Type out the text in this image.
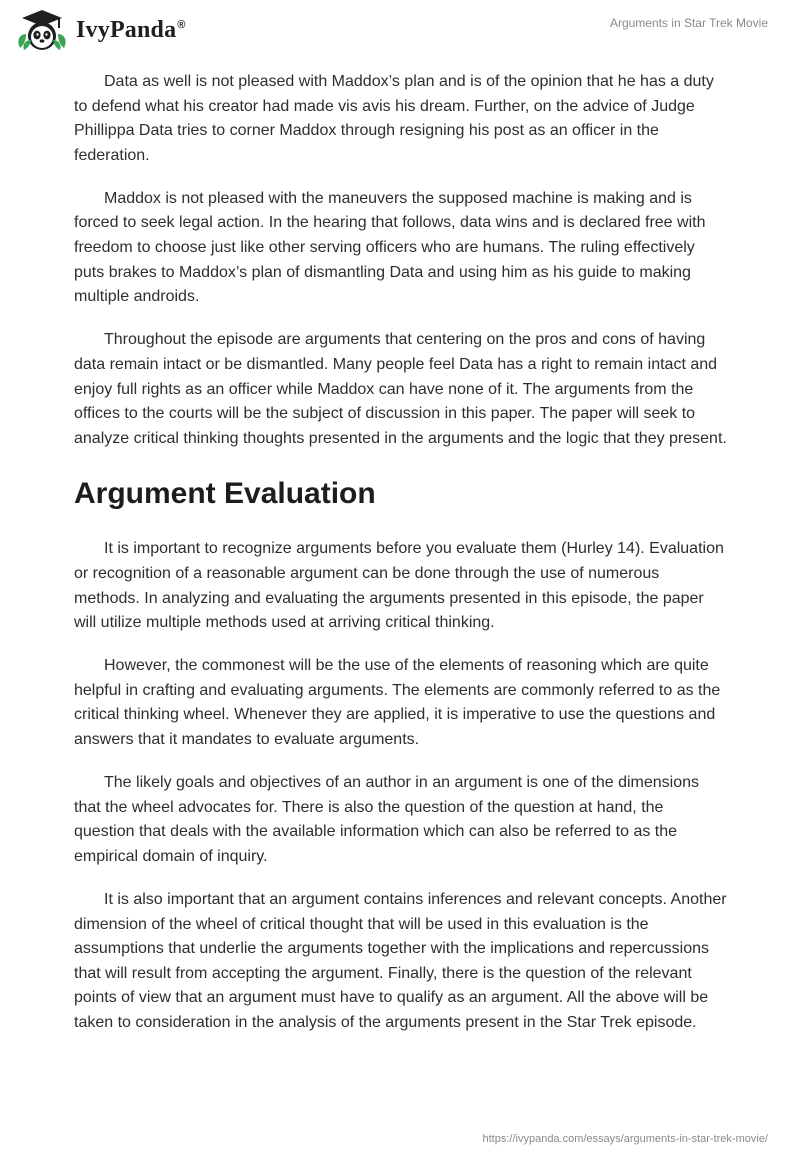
IvyPanda®	Arguments in Star Trek Movie

Data as well is not pleased with Maddox’s plan and is of the opinion that he has a duty to defend what his creator had made vis avis his dream. Further, on the advice of Judge Phillippa Data tries to corner Maddox through resigning his post as an officer in the federation.

Maddox is not pleased with the maneuvers the supposed machine is making and is forced to seek legal action. In the hearing that follows, data wins and is declared free with freedom to choose just like other serving officers who are humans. The ruling effectively puts brakes to Maddox’s plan of dismantling Data and using him as his guide to making multiple androids.

Throughout the episode are arguments that centering on the pros and cons of having data remain intact or be dismantled. Many people feel Data has a right to remain intact and enjoy full rights as an officer while Maddox can have none of it. The arguments from the offices to the courts will be the subject of discussion in this paper. The paper will seek to analyze critical thinking thoughts presented in the arguments and the logic that they present.

Argument Evaluation

It is important to recognize arguments before you evaluate them (Hurley 14). Evaluation or recognition of a reasonable argument can be done through the use of numerous methods. In analyzing and evaluating the arguments presented in this episode, the paper will utilize multiple methods used at arriving critical thinking.

However, the commonest will be the use of the elements of reasoning which are quite helpful in crafting and evaluating arguments. The elements are commonly referred to as the critical thinking wheel. Whenever they are applied, it is imperative to use the questions and answers that it mandates to evaluate arguments.

The likely goals and objectives of an author in an argument is one of the dimensions that the wheel advocates for. There is also the question of the question at hand, the question that deals with the available information which can also be referred to as the empirical domain of inquiry.

It is also important that an argument contains inferences and relevant concepts. Another dimension of the wheel of critical thought that will be used in this evaluation is the assumptions that underlie the arguments together with the implications and repercussions that will result from accepting the argument. Finally, there is the question of the relevant points of view that an argument must have to qualify as an argument. All the above will be taken to consideration in the analysis of the arguments present in the Star Trek episode.

https://ivypanda.com/essays/arguments-in-star-trek-movie/
